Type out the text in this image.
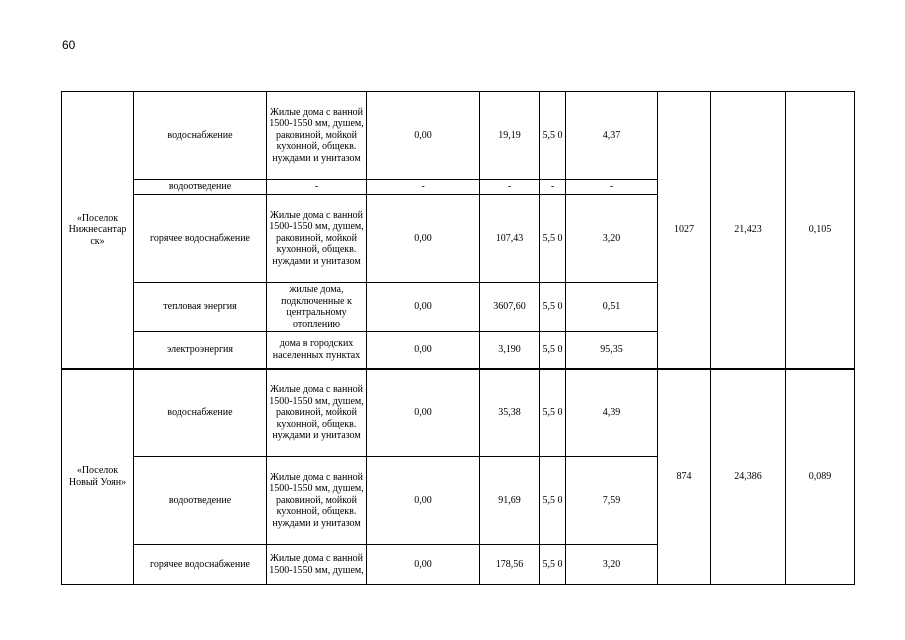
60
«Поселок Нижнесантар ск»	водоснабжение	Жилые дома с ванной 1500-1550 мм, душем, раковиной, мойкой кухонной, общекв. нуждами и унитазом	0,00	19,19	5,5 0	4,37	1027	21,423	0,105
	водоотведение	-	-	-	-	-			
	горячее водоснабжение	Жилые дома с ванной 1500-1550 мм, душем, раковиной, мойкой кухонной, общекв. нуждами и унитазом	0,00	107,43	5,5 0	3,20			
	тепловая энергия	жилые дома, подключенные к центральному отоплению	0,00	3607,60	5,5 0	0,51			
	электроэнергия	дома в городских населенных пунктах	0,00	3,190	5,5 0	95,35			
«Поселок Новый Уоян»	водоснабжение	Жилые дома с ванной 1500-1550 мм, душем, раковиной, мойкой кухонной, общекв. нуждами и унитазом	0,00	35,38	5,5 0	4,39	874	24,386	0,089
	водоотведение	Жилые дома с ванной 1500-1550 мм, душем, раковиной, мойкой кухонной, общекв. нуждами и унитазом	0,00	91,69	5,5 0	7,59			
	горячее водоснабжение	Жилые дома с ванной 1500-1550 мм, душем,	0,00	178,56	5,5 0	3,20			
